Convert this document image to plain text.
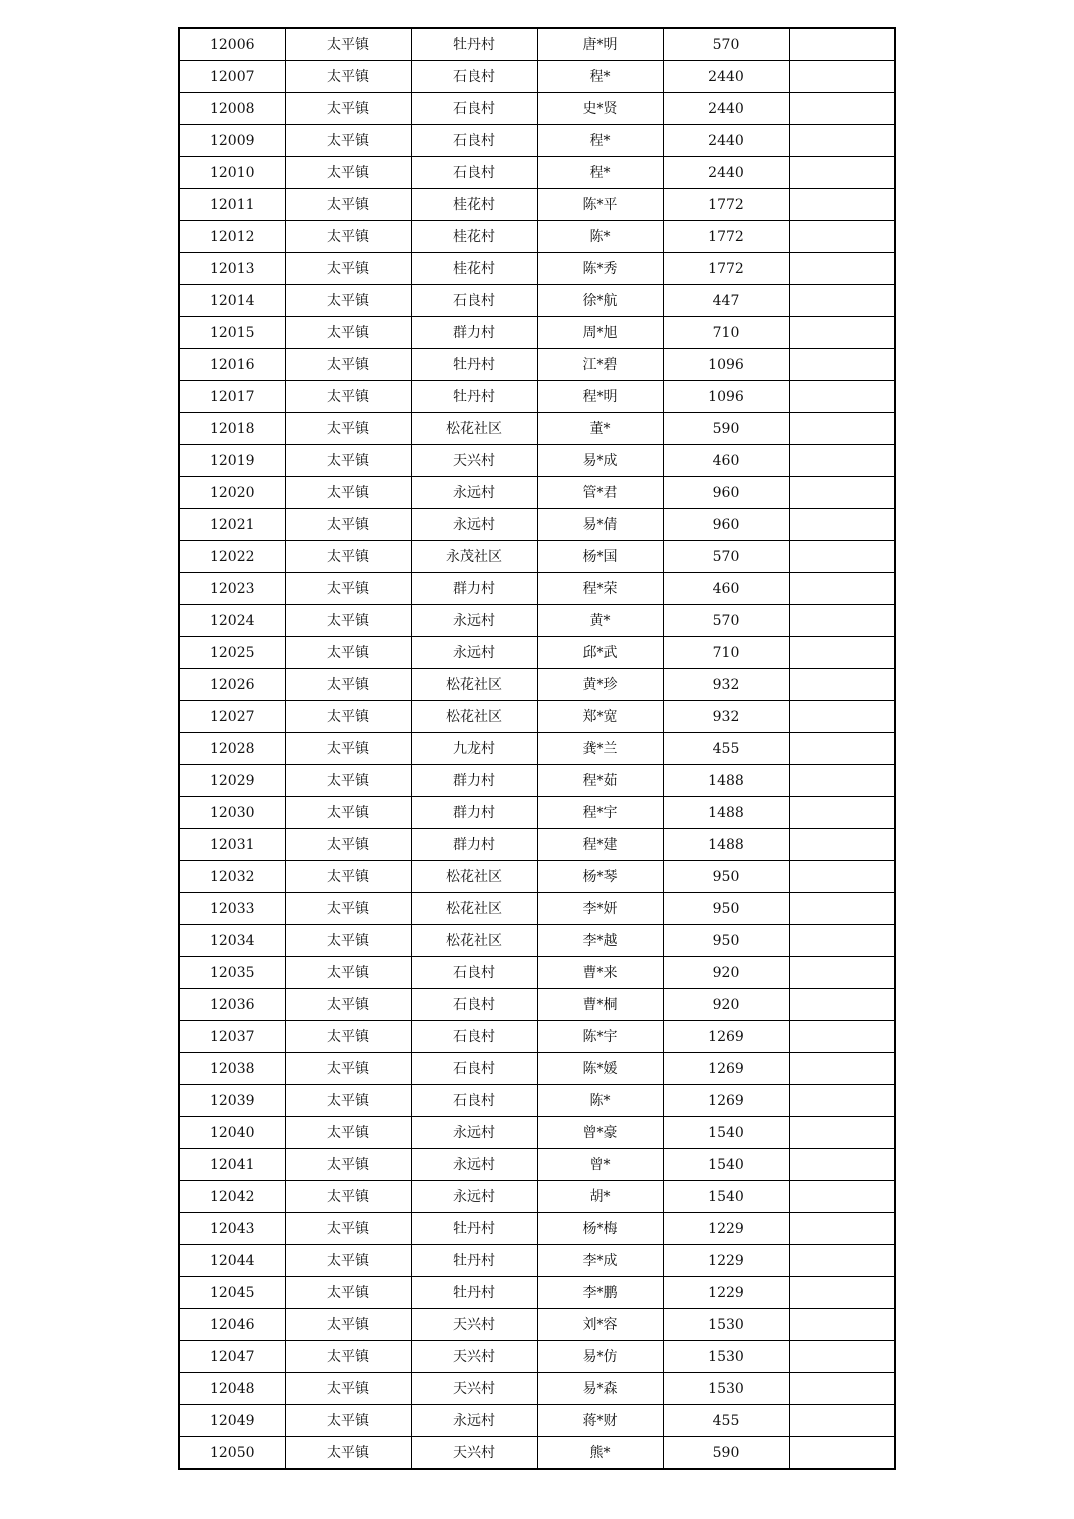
12006	太平镇	牡丹村	唐*明	570	
12007	太平镇	石良村	程*	2440	
12008	太平镇	石良村	史*贤	2440	
12009	太平镇	石良村	程*	2440	
12010	太平镇	石良村	程*	2440	
12011	太平镇	桂花村	陈*平	1772	
12012	太平镇	桂花村	陈*	1772	
12013	太平镇	桂花村	陈*秀	1772	
12014	太平镇	石良村	徐*航	447	
12015	太平镇	群力村	周*旭	710	
12016	太平镇	牡丹村	江*碧	1096	
12017	太平镇	牡丹村	程*明	1096	
12018	太平镇	松花社区	董*	590	
12019	太平镇	天兴村	易*成	460	
12020	太平镇	永远村	管*君	960	
12021	太平镇	永远村	易*倩	960	
12022	太平镇	永茂社区	杨*国	570	
12023	太平镇	群力村	程*荣	460	
12024	太平镇	永远村	黄*	570	
12025	太平镇	永远村	邱*武	710	
12026	太平镇	松花社区	黄*珍	932	
12027	太平镇	松花社区	郑*宽	932	
12028	太平镇	九龙村	龚*兰	455	
12029	太平镇	群力村	程*茹	1488	
12030	太平镇	群力村	程*宇	1488	
12031	太平镇	群力村	程*建	1488	
12032	太平镇	松花社区	杨*琴	950	
12033	太平镇	松花社区	李*妍	950	
12034	太平镇	松花社区	李*越	950	
12035	太平镇	石良村	曹*来	920	
12036	太平镇	石良村	曹*桐	920	
12037	太平镇	石良村	陈*宇	1269	
12038	太平镇	石良村	陈*媛	1269	
12039	太平镇	石良村	陈*	1269	
12040	太平镇	永远村	曾*豪	1540	
12041	太平镇	永远村	曾*	1540	
12042	太平镇	永远村	胡*	1540	
12043	太平镇	牡丹村	杨*梅	1229	
12044	太平镇	牡丹村	李*成	1229	
12045	太平镇	牡丹村	李*鹏	1229	
12046	太平镇	天兴村	刘*容	1530	
12047	太平镇	天兴村	易*仿	1530	
12048	太平镇	天兴村	易*森	1530	
12049	太平镇	永远村	蒋*财	455	
12050	太平镇	天兴村	熊*	590	
